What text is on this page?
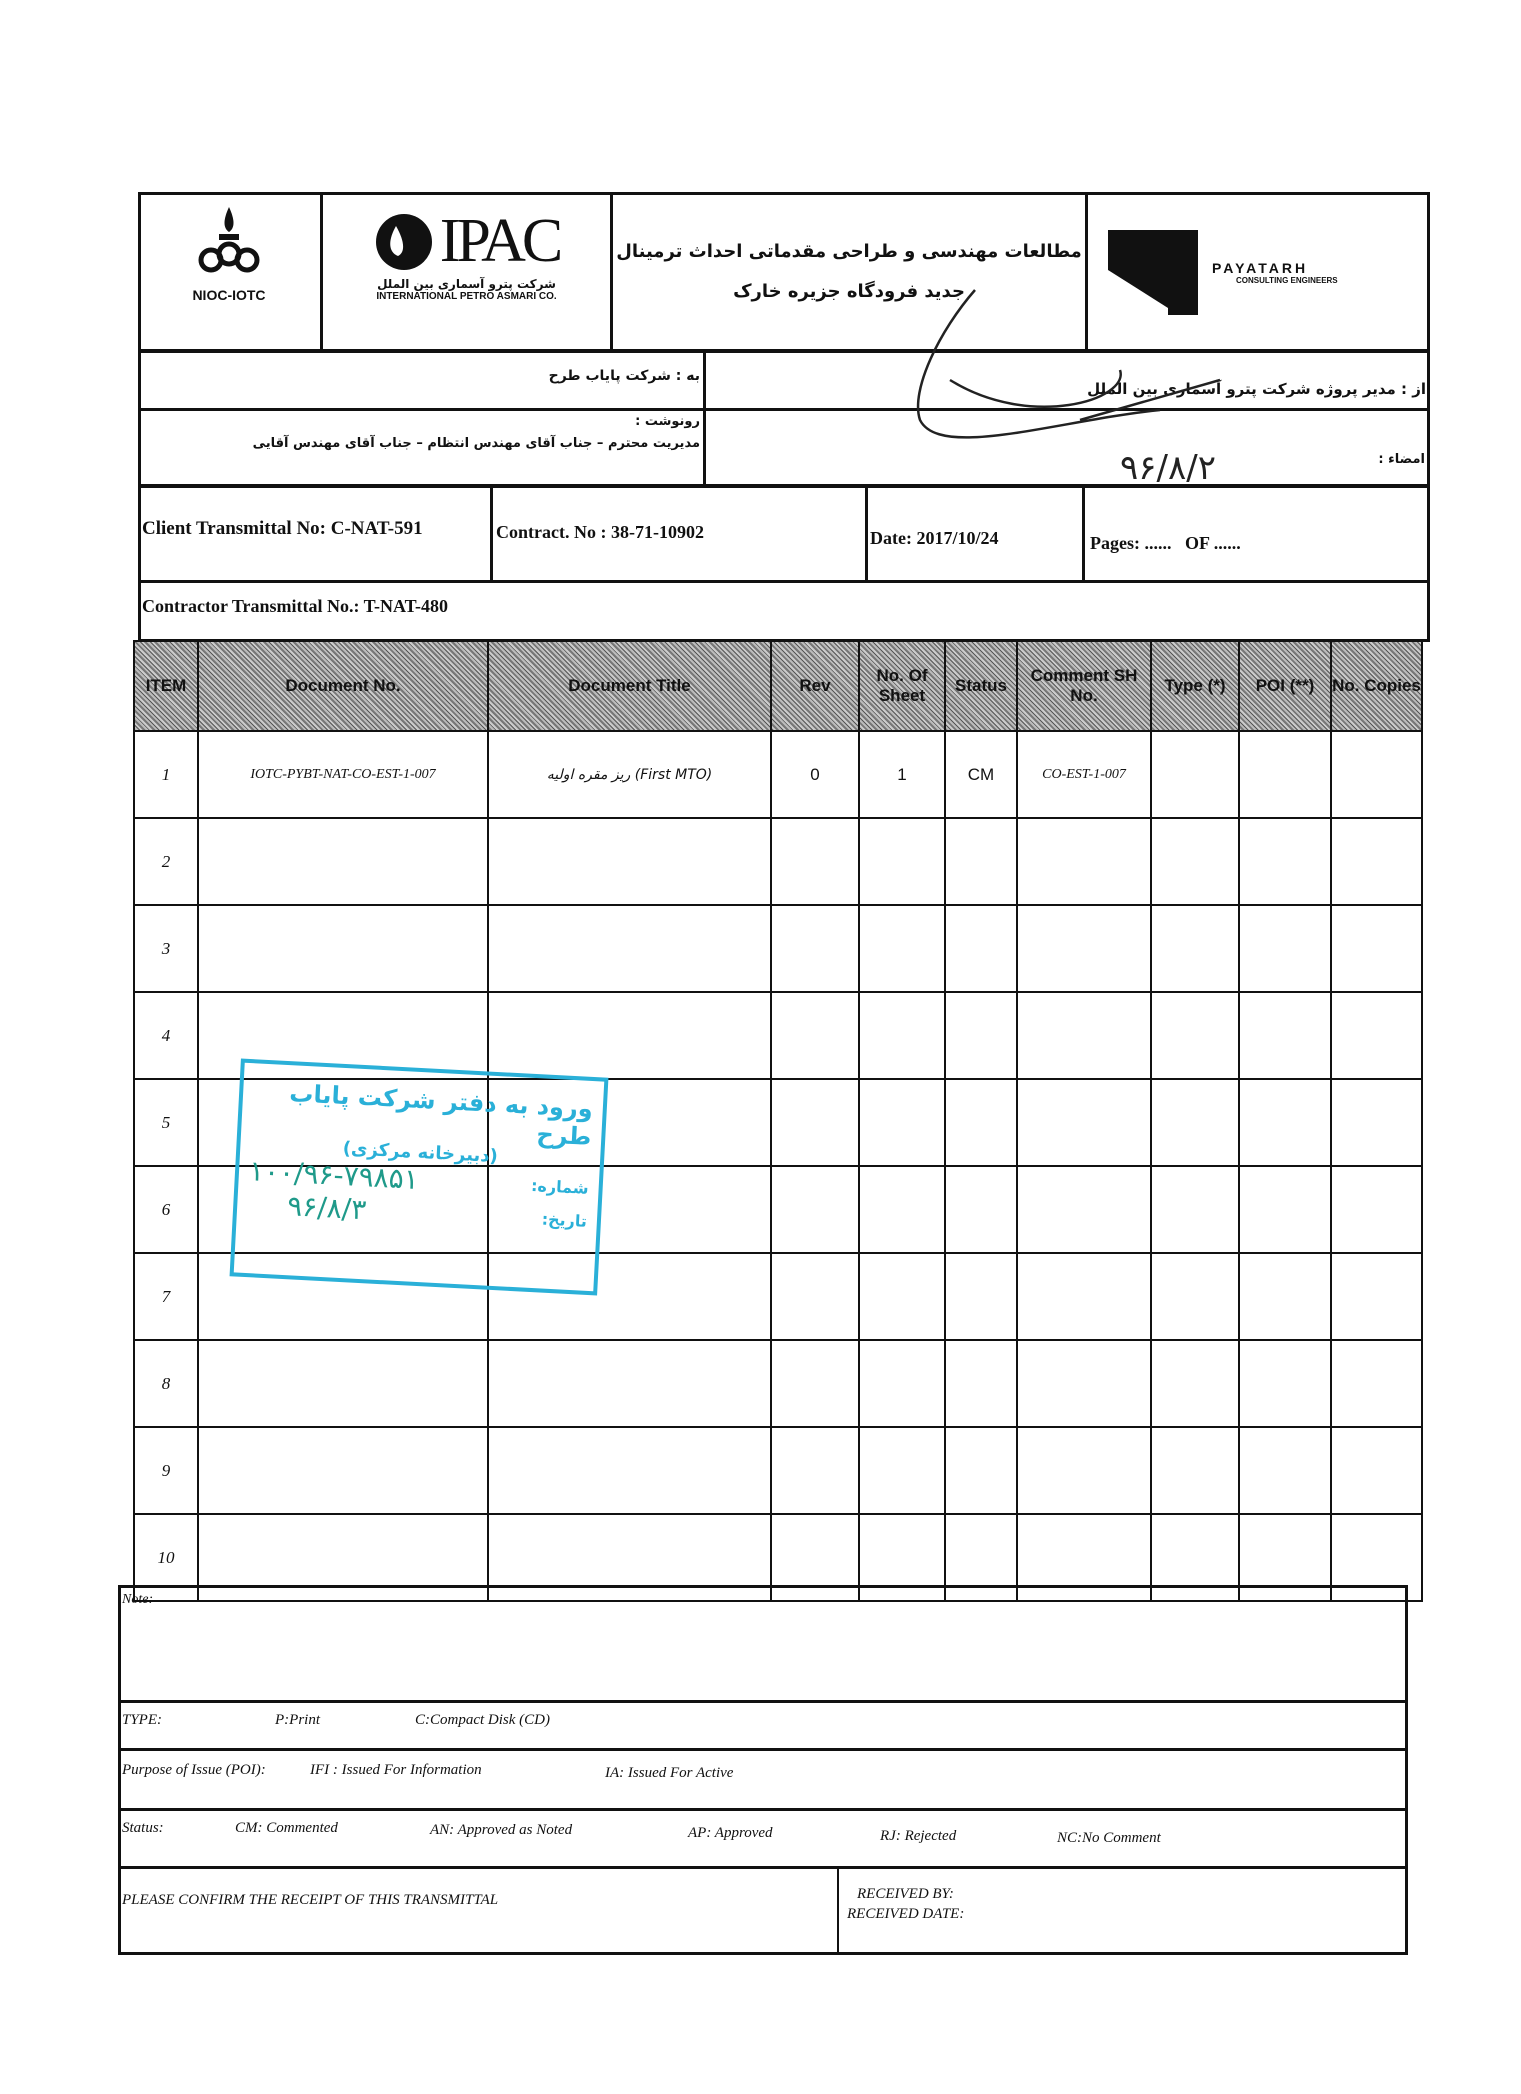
NIOC-IOTC
IPAC
شرکت پترو آسماری بین الملل
INTERNATIONAL PETRO ASMARI CO.
مطالعات مهندسی و طراحی مقدماتی احداث ترمینال
جدید فرودگاه جزیره خارک
PAYATARH
CONSULTING ENGINEERS
به : شرکت پایاب طرح
از : مدیر پروژه شرکت پترو آسماری بین الملل
رونوشت :
مدیریت محترم – جناب آقای مهندس انتظام – جناب آقای مهندس آقایی
امضاء :
۹۶/۸/۲
Client Transmittal No: C-NAT-591	Contract. No : 38-71-10902	Date: 2017/10/24	Pages: ......   OF ......
Contractor Transmittal No.: T-NAT-480
ITEM	Document No.	Document Title	Rev	No. Of Sheet	Status	Comment SH No.	Type (*)	POI (**)	No. Copies
1	IOTC-PYBT-NAT-CO-EST-1-007	ریز مقره اولیه (First MTO)	0	1	CM	CO-EST-1-007			
2									
3									
4									
5									
6									
7									
8									
9									
10									
ورود به دفتر شرکت پایاب طرح
(دبیرخانه مرکزی)
۱۰۰/۹۶-۷۹۸۵۱	شماره:
۹۶/۸/۳	تاریخ:
Note:
TYPE:	P:Print	C:Compact Disk (CD)
Purpose of Issue (POI):	IFI : Issued For Information	IA: Issued For Active
Status:	CM: Commented	AN: Approved as Noted	AP: Approved	RJ: Rejected	NC:No Comment
PLEASE CONFIRM THE RECEIPT OF THIS TRANSMITTAL	RECEIVED BY:
RECEIVED DATE:
